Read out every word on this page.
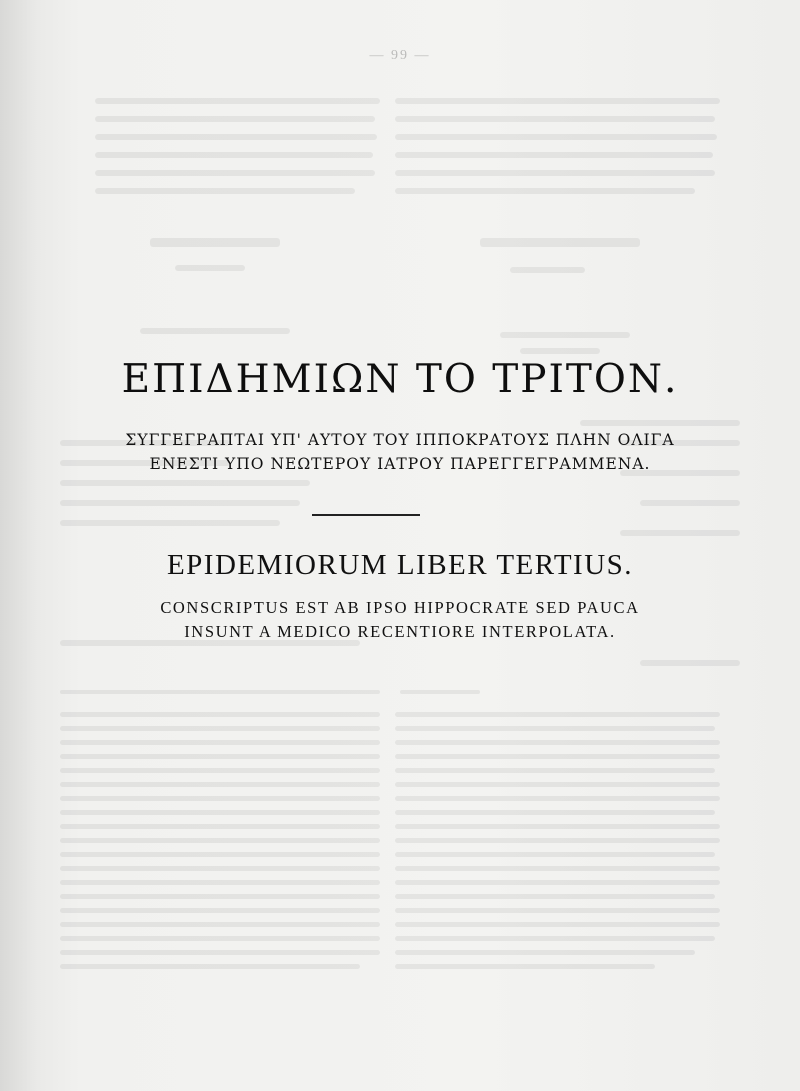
— 99 —
ΕΠΙΔΗΜΙΩΝ ΤΟ ΤΡΙΤΟΝ.
ΣΥΓΓΕΓΡΑΠΤΑΙ ΥΠ' ΑΥΤΟΥ ΤΟΥ ΙΠΠΟΚΡΑΤΟΥΣ ΠΛΗΝ ΟΛΙΓΑ
ΕΝΕΣΤΙ ΥΠΟ ΝΕΩΤΕΡΟΥ ΙΑΤΡΟΥ ΠΑΡΕΓΓΕΓΡΑΜΜΕΝΑ.
EPIDEMIORUM LIBER TERTIUS.
CONSCRIPTUS EST AB IPSO HIPPOCRATE SED PAUCA
INSUNT A MEDICO RECENTIORE INTERPOLATA.
